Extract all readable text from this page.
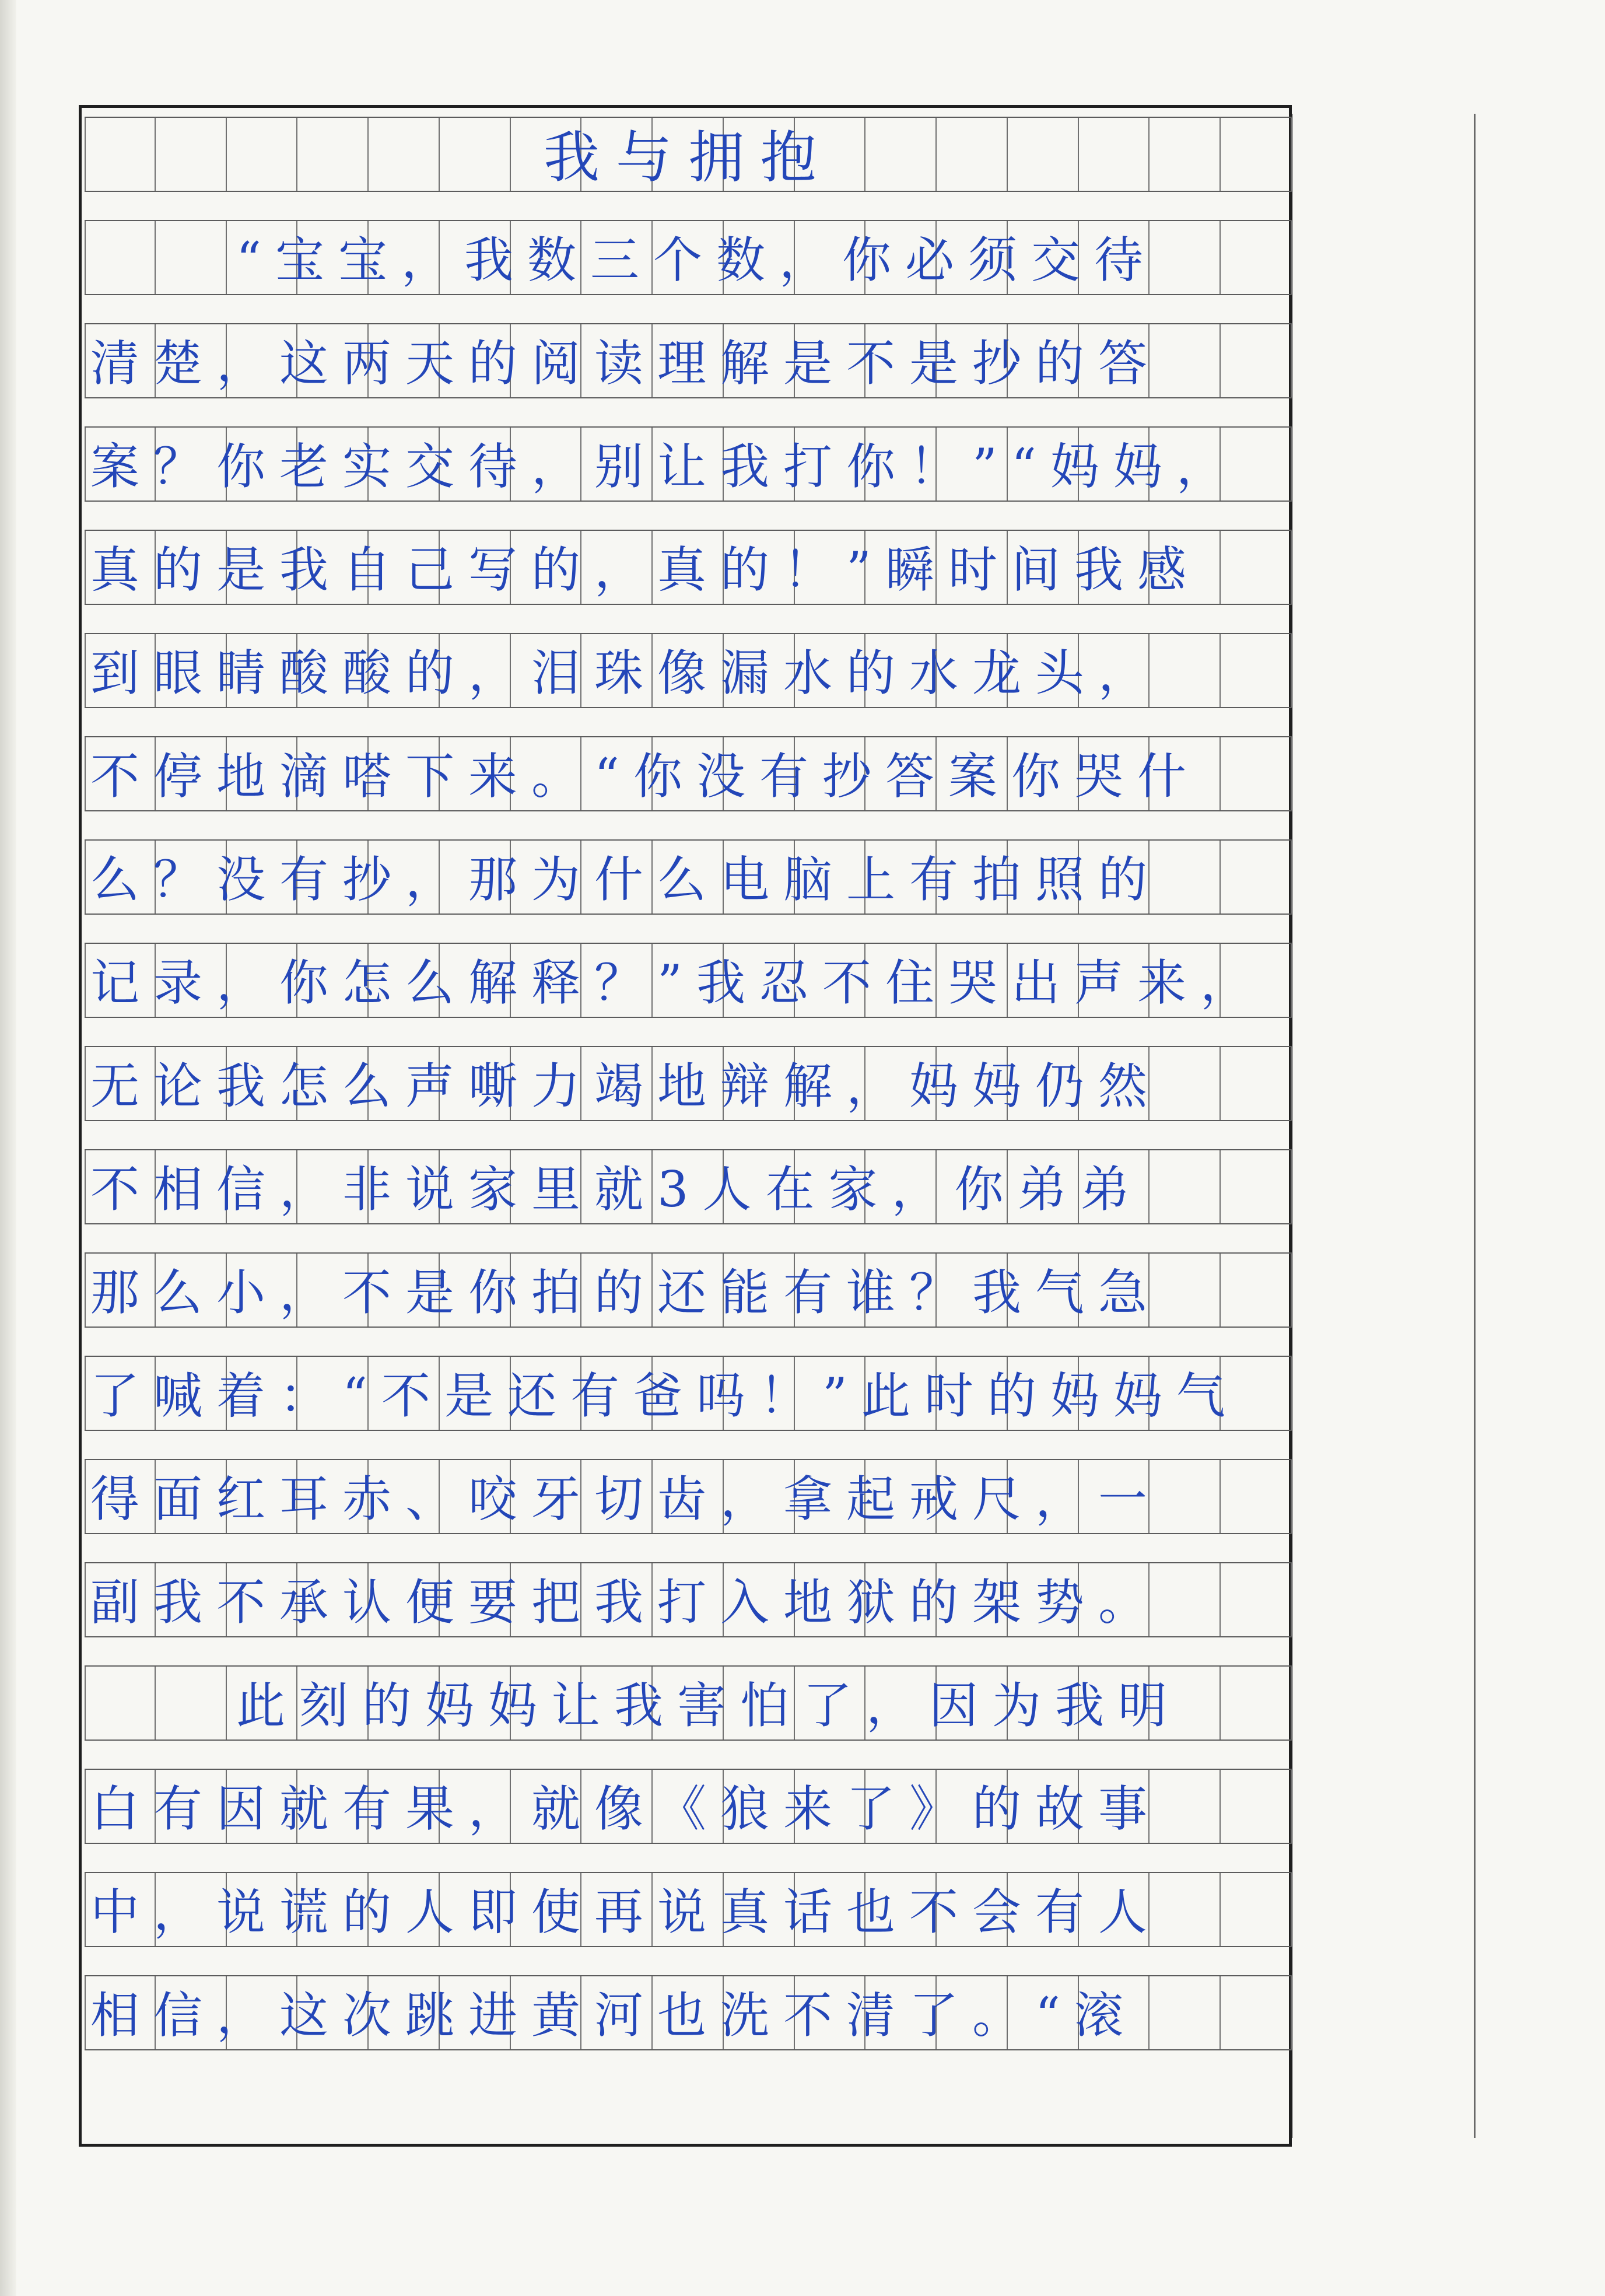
我与拥抱
“宝宝，我数三个数，你必须交待
清楚，这两天的阅读理解是不是抄的答
案？你老实交待，别让我打你！”“妈妈，
真的是我自己写的，真的！”瞬时间我感
到眼睛酸酸的，泪珠像漏水的水龙头，
不停地滴嗒下来。“你没有抄答案你哭什
么？没有抄，那为什么电脑上有拍照的
记录，你怎么解释？”我忍不住哭出声来，
无论我怎么声嘶力竭地辩解，妈妈仍然
不相信，非说家里就3人在家，你弟弟
那么小，不是你拍的还能有谁？我气急
了喊着：“不是还有爸吗！”此时的妈妈气
得面红耳赤、咬牙切齿，拿起戒尺，一
副我不承认便要把我打入地狱的架势。
此刻的妈妈让我害怕了，因为我明
白有因就有果，就像《狼来了》的故事
中，说谎的人即使再说真话也不会有人
相信，这次跳进黄河也洗不清了。“滚
